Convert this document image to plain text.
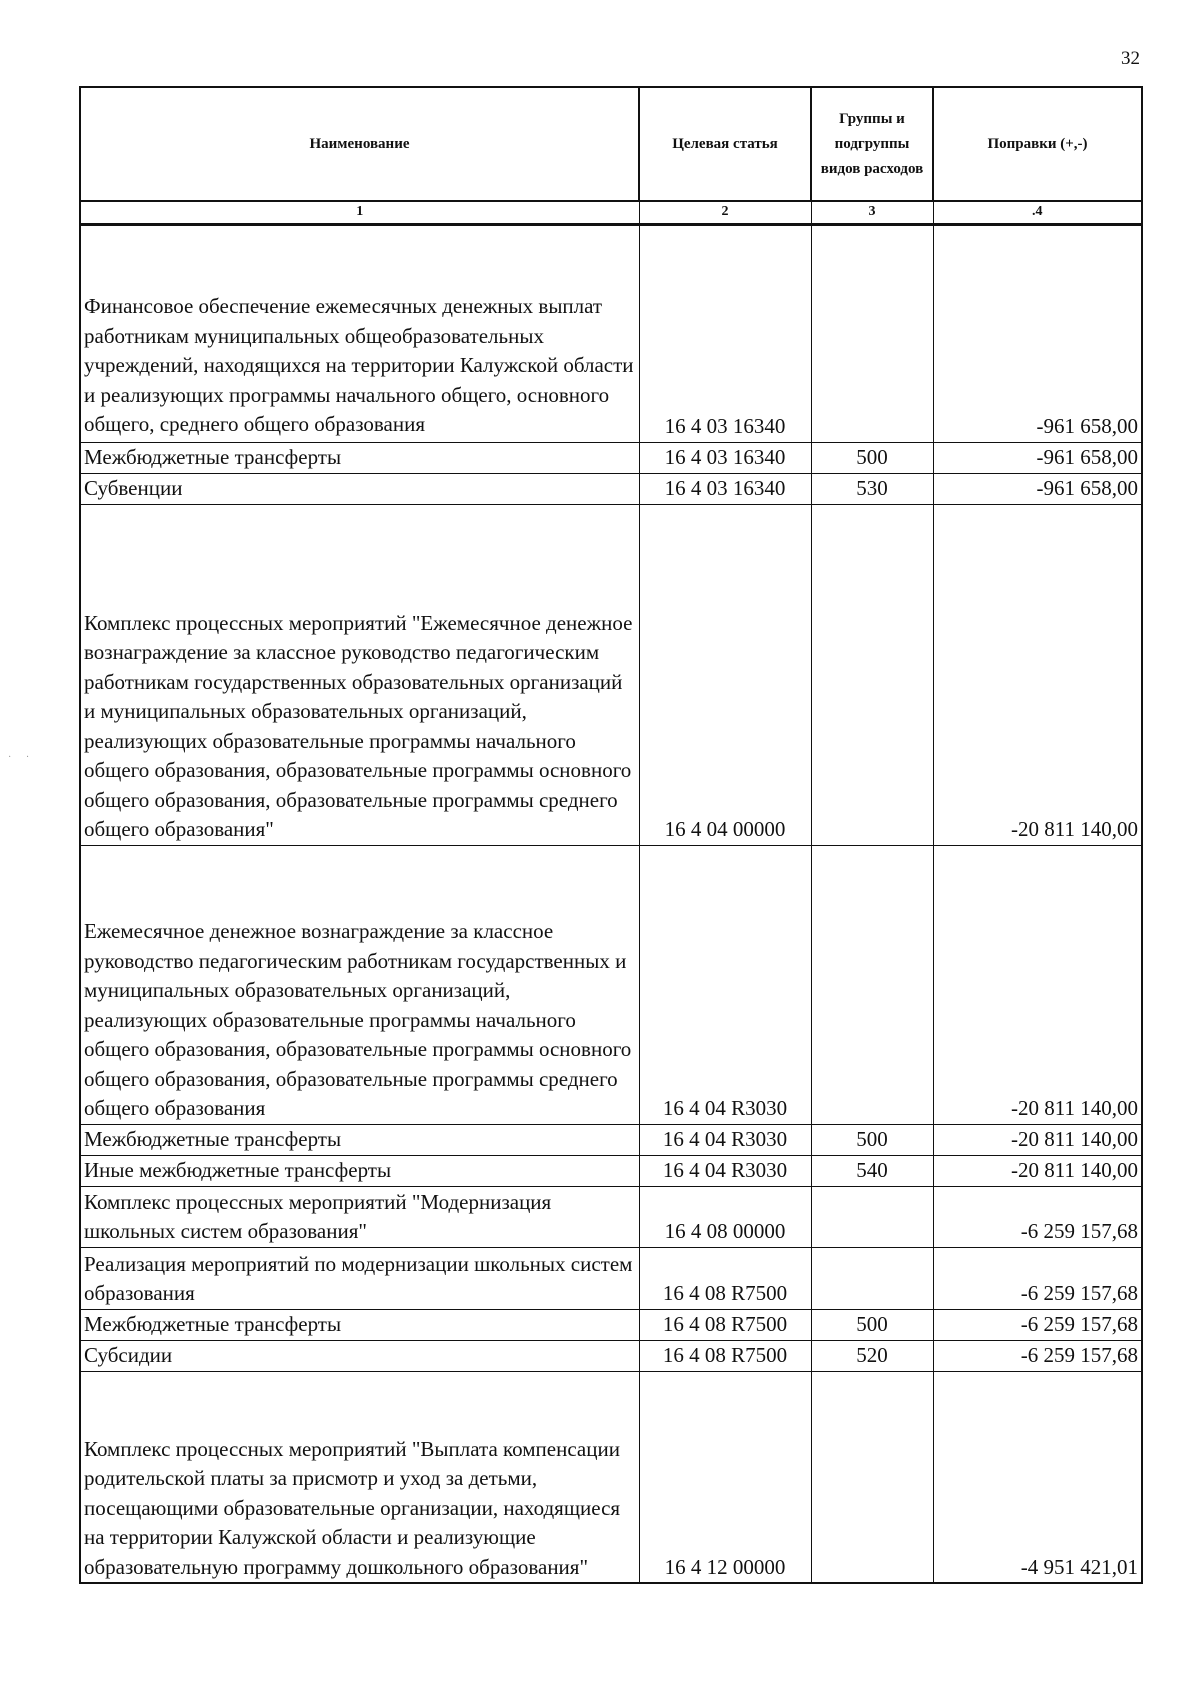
32
Наименование	Целевая статья	Группы и подгруппы видов расходов	Поправки (+,-)
1	2	3	.4
Финансовое обеспечение ежемесячных денежных выплат работникам муниципальных общеобразовательных учреждений, находящихся на территории Калужской области и реализующих программы начального общего, основного общего, среднего общего образования	16 4 03 16340		-961 658,00
Межбюджетные трансферты	16 4 03 16340	500	-961 658,00
Субвенции	16 4 03 16340	530	-961 658,00
Комплекс процессных мероприятий "Ежемесячное денежное вознаграждение за классное руководство педагогическим работникам государственных образовательных организаций и муниципальных образовательных организаций, реализующих образовательные программы начального общего образования, образовательные программы основного общего образования, образовательные программы среднего общего образования"	16 4 04 00000		-20 811 140,00
Ежемесячное денежное вознаграждение за классное руководство педагогическим работникам государственных и муниципальных образовательных организаций, реализующих образовательные программы начального общего образования, образовательные программы основного общего образования, образовательные программы среднего общего образования	16 4 04 R3030		-20 811 140,00
Межбюджетные трансферты	16 4 04 R3030	500	-20 811 140,00
Иные межбюджетные трансферты	16 4 04 R3030	540	-20 811 140,00
Комплекс процессных мероприятий "Модернизация школьных систем образования"	16 4 08 00000		-6 259 157,68
Реализация мероприятий по модернизации школьных систем образования	16 4 08 R7500		-6 259 157,68
Межбюджетные трансферты	16 4 08 R7500	500	-6 259 157,68
Субсидии	16 4 08 R7500	520	-6 259 157,68
Комплекс процессных мероприятий "Выплата компенсации родительской платы за присмотр и уход за детьми, посещающими образовательные организации, находящиеся на территории Калужской области и реализующие образовательную программу дошкольного образования"	16 4 12 00000		-4 951 421,01
· ·
